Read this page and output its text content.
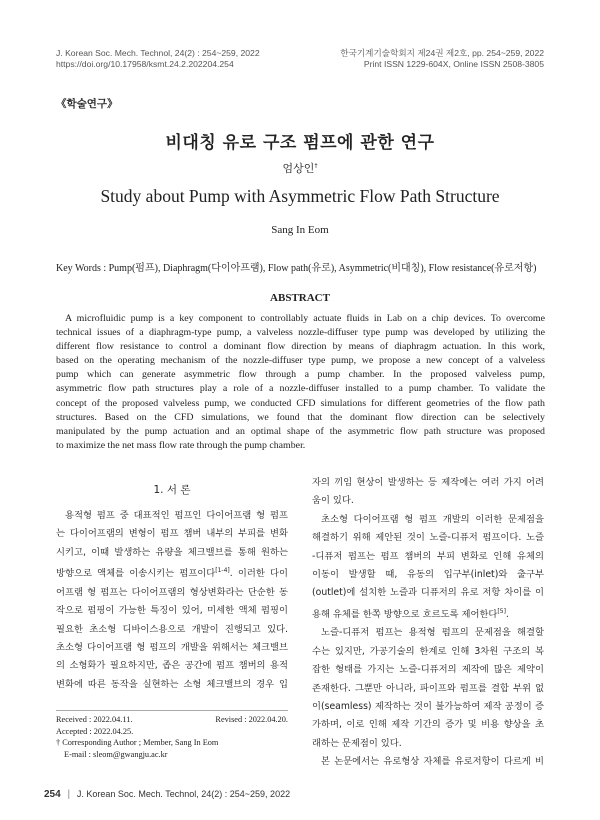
J. Korean Soc. Mech. Technol, 24(2) : 254~259, 2022
https://doi.org/10.17958/ksmt.24.2.202204.254
한국기계기술학회지 제24권 제2호, pp. 254~259, 2022
Print ISSN 1229-604X, Online ISSN 2508-3805
《학술연구》
비대칭 유로 구조 펌프에 관한 연구
엄상인†
Study about Pump with Asymmetric Flow Path Structure
Sang In Eom
Key Words : Pump(펌프), Diaphragm(다이아프램), Flow path(유로), Asymmetric(비대칭), Flow resistance(유로저항)
ABSTRACT
A microfluidic pump is a key component to controllably actuate fluids in Lab on a chip devices. To overcome
technical issues of a diaphragm-type pump, a valveless nozzle-diffuser type pump was developed by utilizing the
different flow resistance to control a dominant flow direction by means of diaphragm actuation. In this work,
based on the operating mechanism of the nozzle-diffuser type pump, we propose a new concept of a valveless
pump which can generate asymmetric flow through a pump chamber. In the proposed valveless pump,
asymmetric flow path structures play a role of a nozzle-diffuser installed to a pump chamber. To validate the
concept of the proposed valveless pump, we conducted CFD simulations for different geometries of the flow path
structures. Based on the CFD simulations, we found that the dominant flow direction can be selectively
manipulated by the pump actuation and an optimal shape of the asymmetric flow path structure was proposed
to maximize the net mass flow rate through the pump chamber.
1. 서 론
용적형 펌프 중 대표적인 펌프인 다이어프램 형 펌프
는 다이어프램의 변형이 펌프 챔버 내부의 부피를 변화
시키고, 이때 발생하는 유량을 체크밸브를 통해 원하는
방향으로 액체를 이송시키는 펌프이다[1-4]. 이러한 다이
어프램 형 펌프는 다이어프램의 형상변화라는 단순한 동
작으로 펌핑이 가능한 특징이 있어, 미세한 액체 펌핑이
필요한 초소형 디바이스용으로 개발이 진행되고 있다.
초소형 다이어프램 형 펌프의 개발을 위해서는 체크밸브
의 소형화가 필요하지만, 좁은 공간에 펌프 챔버의 용적
변화에 따른 동작을 실현하는 소형 체크밸브의 경우 입
자의 끼임 현상이 발생하는 등 제작에는 여러 가지 어려
움이 있다.
초소형 다이어프램 형 펌프 개발의 이러한 문제점을
해결하기 위해 제안된 것이 노즐-디퓨저 펌프이다. 노즐
-디퓨저 펌프는 펌프 챔버의 부피 변화로 인해 유체의
이동이 발생할 때, 유동의 입구부(inlet)와 출구부
(outlet)에 설치한 노즐과 디퓨저의 유로 저항 차이를 이
용해 유체를 한쪽 방향으로 흐르도록 제어한다[5].
노즐-디퓨저 펌프는 용적형 펌프의 문제점을 해결할
수는 있지만, 가공기술의 한계로 인해 3차원 구조의 복
잡한 형태를 가지는 노즐-디퓨저의 제작에 많은 제약이
존재한다. 그뿐만 아니라, 파이프와 펌프를 결합 부위 없
이(seamless) 제작하는 것이 불가능하여 제작 공정이 증
가하며, 이로 인해 제작 기간의 증가 및 비용 향상을 초
래하는 문제점이 있다.
본 논문에서는 유로형상 자체를 유로저항이 다르게 비
Received : 2022.04.11.	Revised : 2022.04.20.
Accepted : 2022.04.25.
† Corresponding Author ; Member, Sang In Eom
E-mail : sleom@gwangju.ac.kr
254 | J. Korean Soc. Mech. Technol, 24(2) : 254~259, 2022
